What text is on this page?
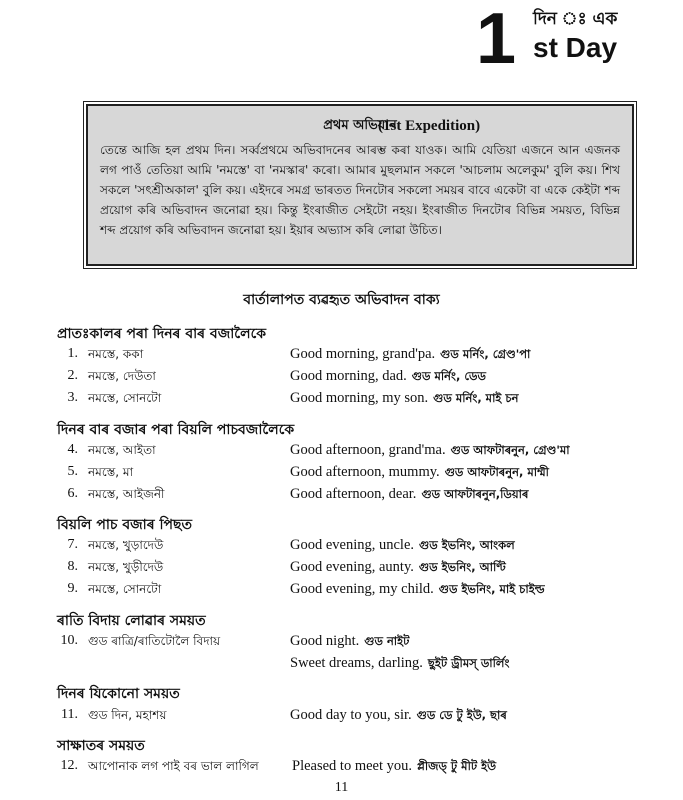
1 দিন ঃ এক
st Day
প্ৰথম অভিযান
(1st Expedition)
তেন্তে আজি হল প্ৰথম দিন। সৰ্ব্বপ্ৰথমে অভিবাদনেৰ আৰম্ভ কৰা যাওক। আমি যেতিয়া এজনে আন এজনক লগ পাওঁ তেতিয়া আমি 'নমস্তে' বা 'নমস্কাৰ' কৰো। আমাৰ মুছলমান সকলে 'আচলাম অলেকুম' বুলি কয়। শিখ সকলে 'সৎশ্ৰীঅকাল' বুলি কয়। এইদৰে সমগ্ৰ ভাৰতত দিনটোৰ সকলো সময়ৰ বাবে একেটা বা একে কেইটা শব্দ প্ৰয়োগ কৰি অভিবাদন জনোৱা হয়। কিন্তু ইংৰাজীত সেইটো নহয়। ইংৰাজীত দিনটোৰ বিভিন্ন সময়ত, বিভিন্ন শব্দ প্ৰয়োগ কৰি অভিবাদন জনোৱা হয়। ইয়াৰ অভ্যাস কৰি লোৱা উচিত।
বাৰ্তালাপত ব্যৱহৃত অভিবাদন বাক্য
প্ৰাতঃকালৰ পৰা দিনৰ বাৰ বজালৈকে
1. নমস্তে, ককা	Good morning, grand'pa. গুড মৰ্নিং, গ্ৰেণ্ড'পা
2. নমস্তে, দেউতা	Good morning, dad. গুড মৰ্নিং, ডেড
3. নমস্তে, সোনটো	Good morning, my son. গুড মৰ্নিং, মাই চন
দিনৰ বাৰ বজাৰ পৰা বিয়লি পাচবজালৈকে
4. নমস্তে, আইতা	Good afternoon, grand'ma. গুড আফটাৰনুন, গ্ৰেণ্ড'মা
5. নমস্তে, মা	Good afternoon, mummy. গুড আফটাৰনুন, মাম্মী
6. নমস্তে, আইজনী	Good afternoon, dear. গুড আফটাৰনুন,ডিয়াৰ
বিয়লি পাচ বজাৰ পিছত
7. নমস্তে, খুড়াদেউ	Good evening, uncle. গুড ইভনিং, আংকল
8. নমস্তে, খুড়ীদেউ	Good evening, aunty. গুড ইভনিং, আণ্টি
9. নমস্তে, সোনটো	Good evening, my child. গুড ইভনিং, মাই চাইল্ড
ৰাতি বিদায় লোৱাৰ সময়ত
10. গুড ৰাত্ৰি/ৰাতিটোলৈ বিদায়	Good night. গুড নাইট
Sweet dreams, darling. ছুইট ড্ৰীমস্ ডাৰ্লিং
দিনৰ যিকোনো সময়ত
11. গুড দিন, মহাশয়	Good day to you, sir. গুড ডে টু ইউ, ছাৰ
সাক্ষাতৰ সময়ত
12. আপোনাক লগ পাই বৰ ভাল লাগিল Pleased to meet you. প্লীজড্ টু মীট ইউ
11
